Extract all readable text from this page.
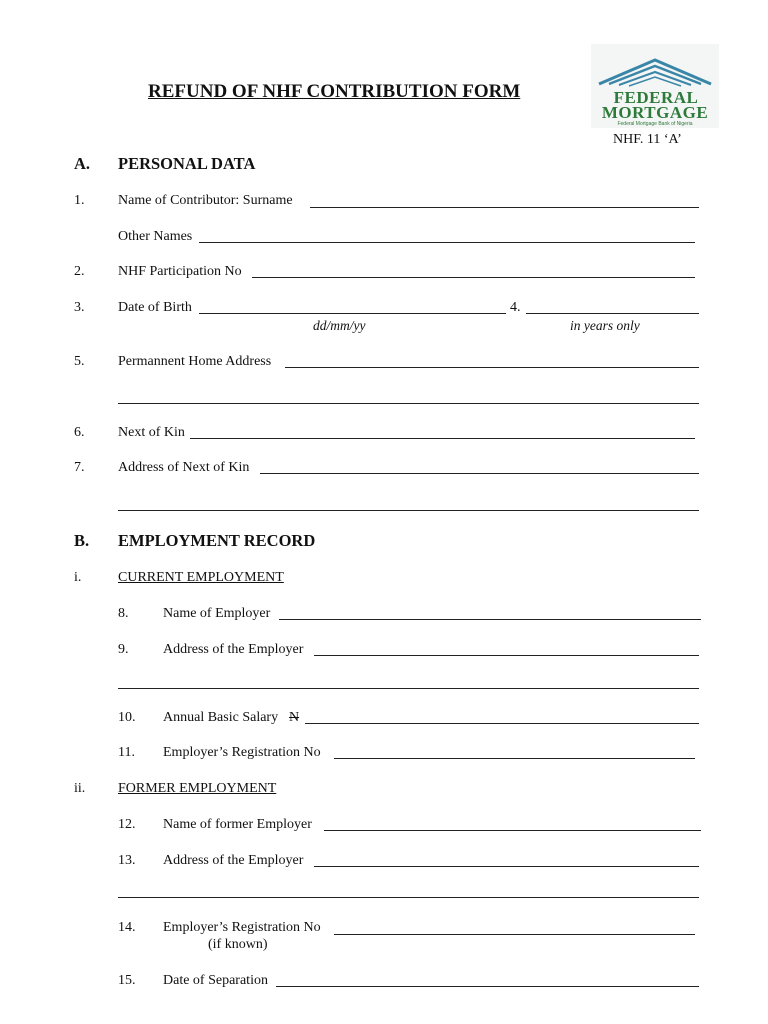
FEDERAL
MORTGAGE
Federal Mortgage Bank of Nigeria
REFUND OF NHF CONTRIBUTION FORM
NHF. 11 ‘A’
A. PERSONAL DATA
1. Name of Contributor: Surname
Other Names
2. NHF Participation No
3. Date of Birth	4.
dd/mm/yy	in years only
5. Permannent Home Address
6. Next of Kin
7. Address of Next of Kin
B. EMPLOYMENT RECORD
i.	CURRENT EMPLOYMENT
8. Name of Employer
9. Address of the Employer
10. Annual Basic Salary N
11. Employer’s Registration No
ii. FORMER EMPLOYMENT
12. Name of former Employer
13. Address of the Employer
14. Employer’s Registration No
(if known)
15. Date of Separation
